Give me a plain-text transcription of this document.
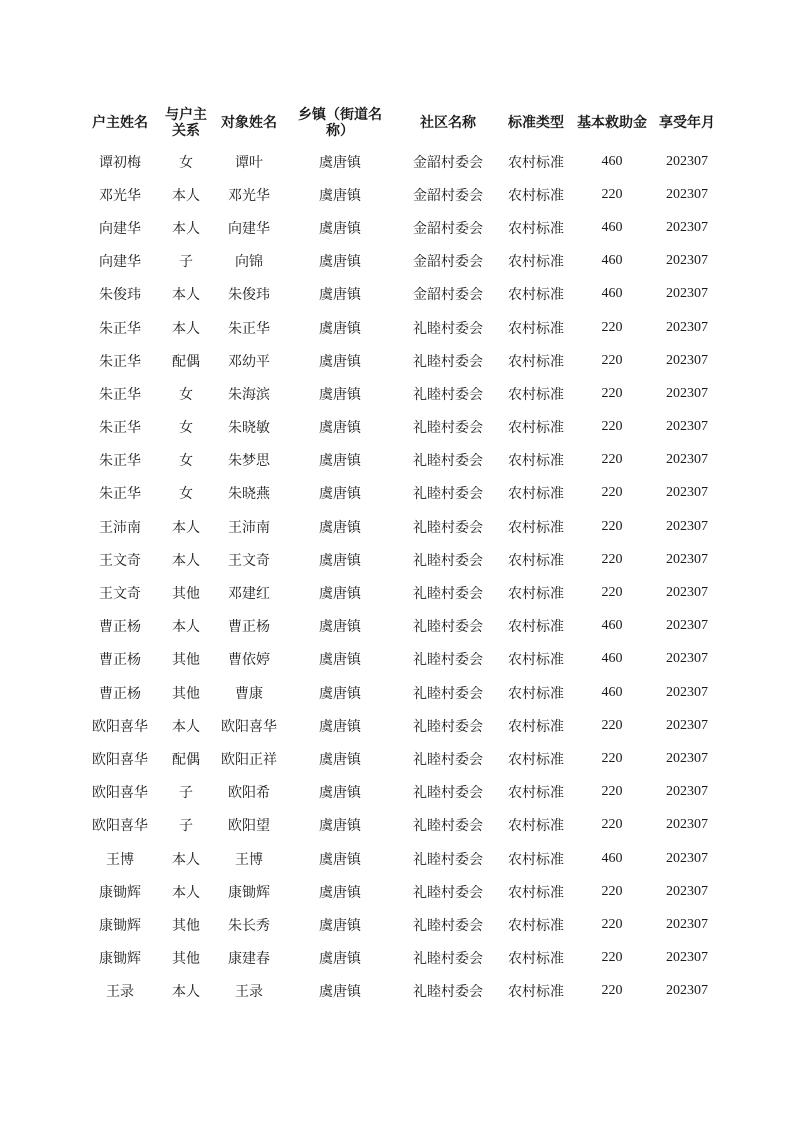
户主姓名	与户主关系	对象姓名	乡镇（街道名称）	社区名称	标准类型	基本救助金	享受年月
谭初梅	女	谭叶	虞唐镇	金韶村委会	农村标准	460	202307
邓光华	本人	邓光华	虞唐镇	金韶村委会	农村标准	220	202307
向建华	本人	向建华	虞唐镇	金韶村委会	农村标准	460	202307
向建华	子	向锦	虞唐镇	金韶村委会	农村标准	460	202307
朱俊玮	本人	朱俊玮	虞唐镇	金韶村委会	农村标准	460	202307
朱正华	本人	朱正华	虞唐镇	礼睦村委会	农村标准	220	202307
朱正华	配偶	邓幼平	虞唐镇	礼睦村委会	农村标准	220	202307
朱正华	女	朱海滨	虞唐镇	礼睦村委会	农村标准	220	202307
朱正华	女	朱晓敏	虞唐镇	礼睦村委会	农村标准	220	202307
朱正华	女	朱梦思	虞唐镇	礼睦村委会	农村标准	220	202307
朱正华	女	朱晓燕	虞唐镇	礼睦村委会	农村标准	220	202307
王沛南	本人	王沛南	虞唐镇	礼睦村委会	农村标准	220	202307
王文奇	本人	王文奇	虞唐镇	礼睦村委会	农村标准	220	202307
王文奇	其他	邓建红	虞唐镇	礼睦村委会	农村标准	220	202307
曹正杨	本人	曹正杨	虞唐镇	礼睦村委会	农村标准	460	202307
曹正杨	其他	曹依婷	虞唐镇	礼睦村委会	农村标准	460	202307
曹正杨	其他	曹康	虞唐镇	礼睦村委会	农村标准	460	202307
欧阳喜华	本人	欧阳喜华	虞唐镇	礼睦村委会	农村标准	220	202307
欧阳喜华	配偶	欧阳正祥	虞唐镇	礼睦村委会	农村标准	220	202307
欧阳喜华	子	欧阳希	虞唐镇	礼睦村委会	农村标准	220	202307
欧阳喜华	子	欧阳望	虞唐镇	礼睦村委会	农村标准	220	202307
王博	本人	王博	虞唐镇	礼睦村委会	农村标准	460	202307
康锄辉	本人	康锄辉	虞唐镇	礼睦村委会	农村标准	220	202307
康锄辉	其他	朱长秀	虞唐镇	礼睦村委会	农村标准	220	202307
康锄辉	其他	康建春	虞唐镇	礼睦村委会	农村标准	220	202307
王录	本人	王录	虞唐镇	礼睦村委会	农村标准	220	202307
